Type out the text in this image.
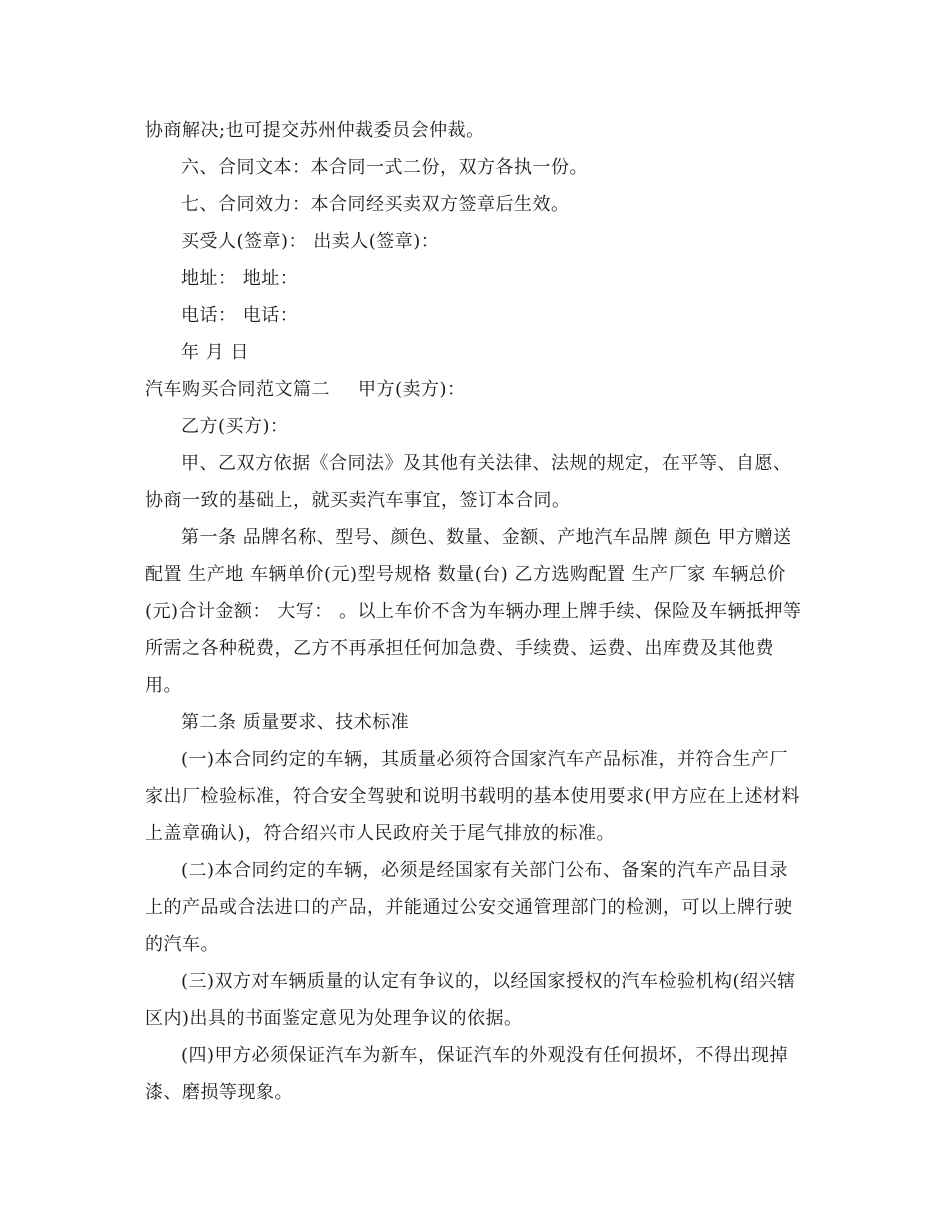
协商解决;也可提交苏州仲裁委员会仲裁。
六、合同文本：本合同一式二份，双方各执一份。
七、合同效力：本合同经买卖双方签章后生效。
买受人(签章)： 出卖人(签章)：
地址： 地址：
电话： 电话：
年 月 日
汽车购买合同范文篇二 甲方(卖方)：
乙方(买方)：
甲、乙双方依据《合同法》及其他有关法律、法规的规定，在平等、自愿、
协商一致的基础上，就买卖汽车事宜，签订本合同。
第一条 品牌名称、型号、颜色、数量、金额、产地汽车品牌 颜色 甲方赠送
配置 生产地 车辆单价(元)型号规格 数量(台) 乙方选购配置 生产厂家 车辆总价
(元)合计金额： 大写： 。以上车价不含为车辆办理上牌手续、保险及车辆抵押等
所需之各种税费，乙方不再承担任何加急费、手续费、运费、出库费及其他费
用。
第二条 质量要求、技术标准
(一)本合同约定的车辆，其质量必须符合国家汽车产品标准，并符合生产厂
家出厂检验标准，符合安全驾驶和说明书载明的基本使用要求(甲方应在上述材料
上盖章确认)，符合绍兴市人民政府关于尾气排放的标准。
(二)本合同约定的车辆，必须是经国家有关部门公布、备案的汽车产品目录
上的产品或合法进口的产品，并能通过公安交通管理部门的检测，可以上牌行驶
的汽车。
(三)双方对车辆质量的认定有争议的，以经国家授权的汽车检验机构(绍兴辖
区内)出具的书面鉴定意见为处理争议的依据。
(四)甲方必须保证汽车为新车，保证汽车的外观没有任何损坏，不得出现掉
漆、磨损等现象。
